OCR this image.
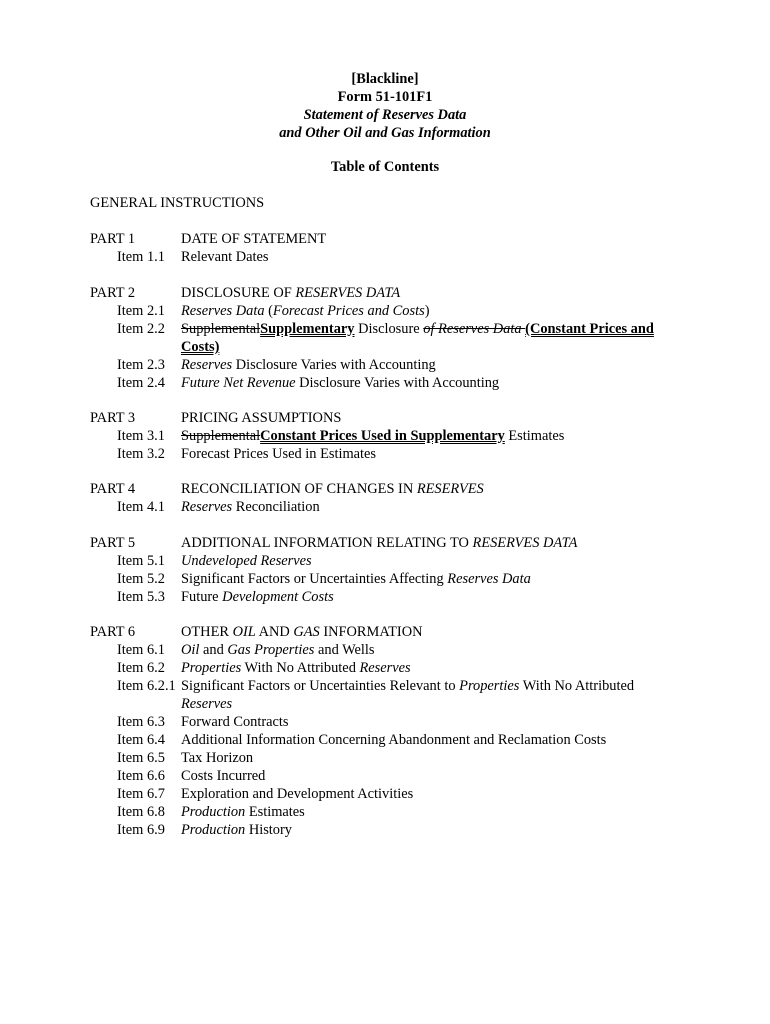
[Blackline]
Form 51-101F1
Statement of Reserves Data
and Other Oil and Gas Information
Table of Contents
GENERAL INSTRUCTIONS
PART 1	DATE OF STATEMENT
Item 1.1 Relevant Dates
PART 2	DISCLOSURE OF RESERVES DATA
Item 2.1 Reserves Data (Forecast Prices and Costs)
Item 2.2 SupplementalSupplementary Disclosure of Reserves Data (Constant Prices and Costs)
Item 2.3 Reserves Disclosure Varies with Accounting
Item 2.4 Future Net Revenue Disclosure Varies with Accounting
PART 3	PRICING ASSUMPTIONS
Item 3.1 SupplementalConstant Prices Used in Supplementary Estimates
Item 3.2 Forecast Prices Used in Estimates
PART 4	RECONCILIATION OF CHANGES IN RESERVES
Item 4.1 Reserves Reconciliation
PART 5	ADDITIONAL INFORMATION RELATING TO RESERVES DATA
Item 5.1 Undeveloped Reserves
Item 5.2 Significant Factors or Uncertainties Affecting Reserves Data
Item 5.3 Future Development Costs
PART 6	OTHER OIL AND GAS INFORMATION
Item 6.1 Oil and Gas Properties and Wells
Item 6.2 Properties With No Attributed Reserves
Item 6.2.1 Significant Factors or Uncertainties Relevant to Properties With No Attributed
Reserves
Item 6.3 Forward Contracts
Item 6.4 Additional Information Concerning Abandonment and Reclamation Costs
Item 6.5 Tax Horizon
Item 6.6 Costs Incurred
Item 6.7 Exploration and Development Activities
Item 6.8 Production Estimates
Item 6.9 Production History
